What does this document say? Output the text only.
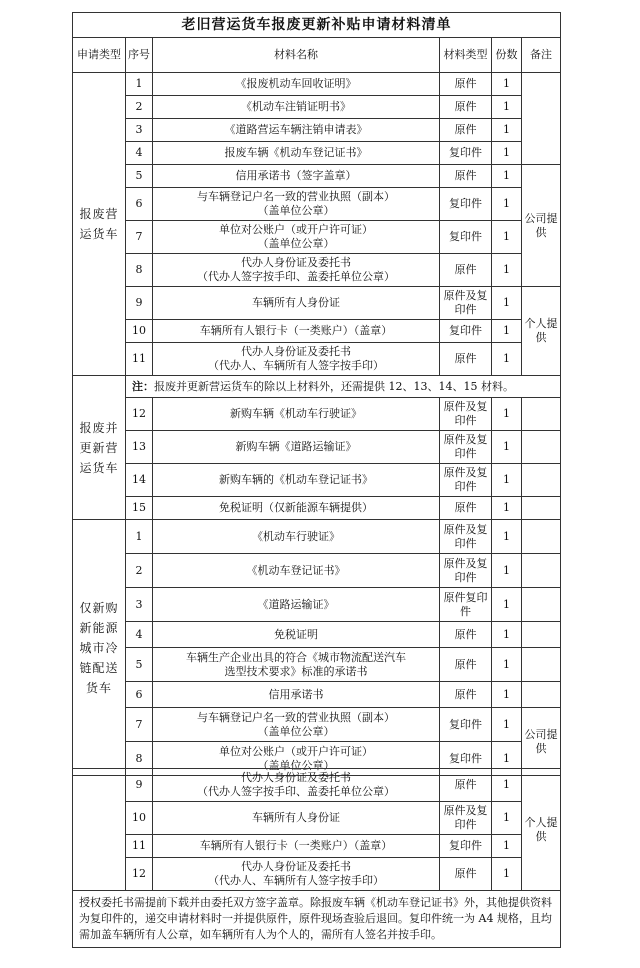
老旧营运货车报废更新补贴申请材料清单					
申请类型	序号	材料名称	材料类型	份数	备注
报废营运货车	1	《报废机动车回收证明》	原件	1	
	2	《机动车注销证明书》	原件	1	
	3	《道路营运车辆注销申请表》	原件	1	
	4	报废车辆《机动车登记证书》	复印件	1	
	5	信用承诺书（签字盖章）	原件	1	公司提供
	6	与车辆登记户名一致的营业执照（副本）
（盖单位公章）	复印件	1	
	7	单位对公账户（或开户许可证）
（盖单位公章）	复印件	1	
	8	代办人身份证及委托书
（代办人签字按手印、盖委托单位公章）	原件	1	
	9	车辆所有人身份证	原件及复印件	1	个人提供
	10	车辆所有人银行卡（一类账户）（盖章）	复印件	1	
	11	代办人身份证及委托书
（代办人、车辆所有人签字按手印）	原件	1	
报废并更新营运货车	注：报废并更新营运货车的除以上材料外，还需提供 12、13、14、15 材料。				
	12	新购车辆《机动车行驶证》	原件及复印件	1	
	13	新购车辆《道路运输证》	原件及复印件	1	
	14	新购车辆的《机动车登记证书》	原件及复印件	1	
	15	免税证明（仅新能源车辆提供）	原件	1	
仅新购新能源城市冷链配送货车	1	《机动车行驶证》	原件及复印件	1	
	2	《机动车登记证书》	原件及复印件	1	
	3	《道路运输证》	原件复印件	1	
	4	免税证明	原件	1	
	5	车辆生产企业出具的符合《城市物流配送汽车
选型技术要求》标准的承诺书	原件	1	
	6	信用承诺书	原件	1	
	7	与车辆登记户名一致的营业执照（副本）
（盖单位公章）	复印件	1	公司提供
	8	单位对公账户（或开户许可证）
（盖单位公章）	复印件	1	
	9	代办人身份证及委托书
（代办人签字按手印、盖委托单位公章）	原件	1	个人提供
	10	车辆所有人身份证	原件及复印件	1	
	11	车辆所有人银行卡（一类账户）（盖章）	复印件	1	
	12	代办人身份证及委托书
（代办人、车辆所有人签字按手印）	原件	1	
授权委托书需提前下载并由委托双方签字盖章。除报废车辆《机动车登记证书》外，其他提供资料为复印件的，递交申请材料时一并提供原件，原件现场查验后退回。复印件统一为 A4 规格，且均需加盖车辆所有人公章，如车辆所有人为个人的，需所有人签名并按手印。					
